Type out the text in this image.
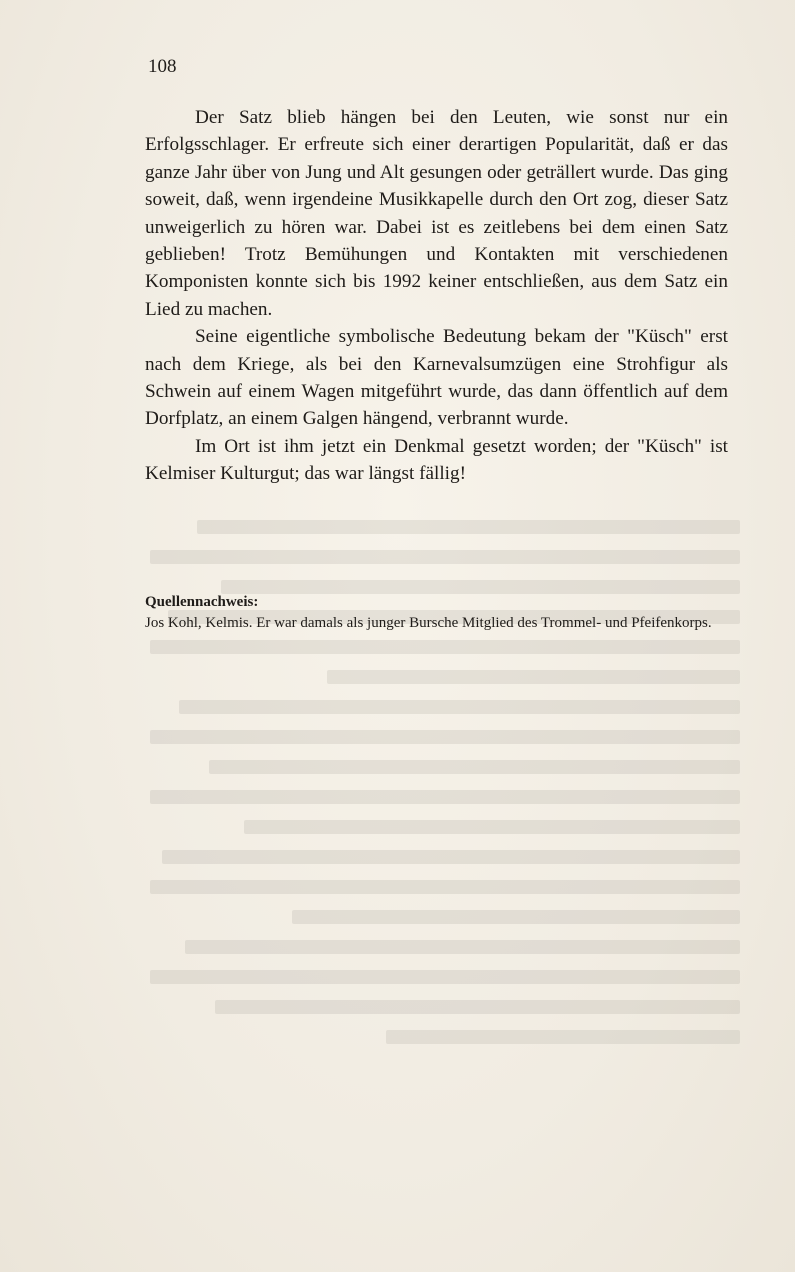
108

Der Satz blieb hängen bei den Leuten, wie sonst nur ein Erfolgsschlager. Er erfreute sich einer derartigen Popularität, daß er das ganze Jahr über von Jung und Alt gesungen oder geträllert wurde. Das ging soweit, daß, wenn irgendeine Musikkapelle durch den Ort zog, dieser Satz unweigerlich zu hören war. Dabei ist es zeitlebens bei dem einen Satz geblieben! Trotz Bemühungen und Kontakten mit verschiedenen Komponisten konnte sich bis 1992 keiner entschließen, aus dem Satz ein Lied zu machen.

Seine eigentliche symbolische Bedeutung bekam der "Küsch" erst nach dem Kriege, als bei den Karnevalsumzügen eine Strohfigur als Schwein auf einem Wagen mitgeführt wurde, das dann öffentlich auf dem Dorfplatz, an einem Galgen hängend, verbrannt wurde.

Im Ort ist ihm jetzt ein Denkmal gesetzt worden; der "Küsch" ist Kelmiser Kulturgut; das war längst fällig!

Quellennachweis:
Jos Kohl, Kelmis. Er war damals als junger Bursche Mitglied des Trommel- und Pfeifenkorps.
